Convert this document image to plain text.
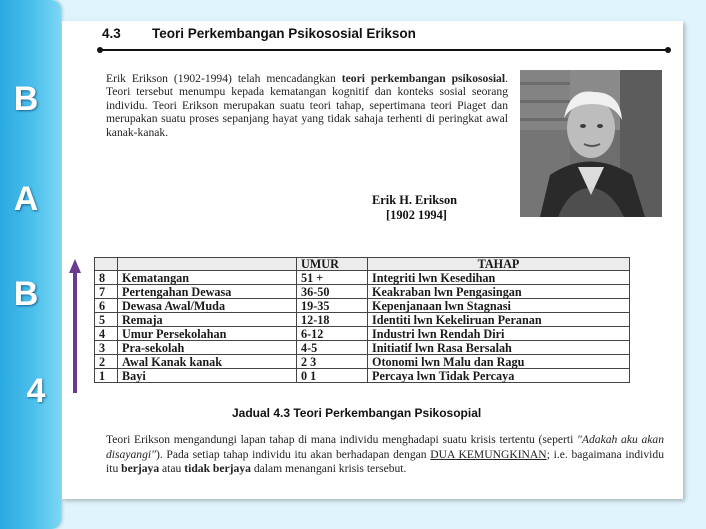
B
A
B
4
4.3 Teori Perkembangan Psikososial Erikson
Erik Erikson (1902-1994) telah mencadangkan teori perkembangan psikososial. Teori tersebut menumpu kepada kematangan kognitif dan konteks sosial seorang individu. Teori Erikson merupakan suatu teori tahap, sepertimana teori Piaget dan merupakan suatu proses sepanjang hayat yang tidak sahaja terhenti di peringkat awal kanak-kanak.
Erik H. Erikson
[1902 1994]
		UMUR	TAHAP
8	Kematangan	51 +	Integriti lwn Kesedihan
7	Pertengahan Dewasa	36-50	Keakraban lwn Pengasingan
6	Dewasa Awal/Muda	19-35	Kepenjanaan lwn Stagnasi
5	Remaja	12-18	Identiti lwn Kekeliruan Peranan
4	Umur Persekolahan	6-12	Industri lwn Rendah Diri
3	Pra-sekolah	4-5	Initiatif lwn Rasa Bersalah
2	Awal Kanak kanak	2 3	Otonomi lwn Malu dan Ragu
1	Bayi	0 1	Percaya lwn Tidak Percaya
Jadual 4.3 Teori Perkembangan Psikosopial
Teori Erikson mengandungi lapan tahap di mana individu menghadapi suatu krisis tertentu (seperti "Adakah aku akan disayangi"). Pada setiap tahap individu itu akan berhadapan dengan DUA KEMUNGKINAN; i.e. bagaimana individu itu berjaya atau tidak berjaya dalam menangani krisis tersebut.
